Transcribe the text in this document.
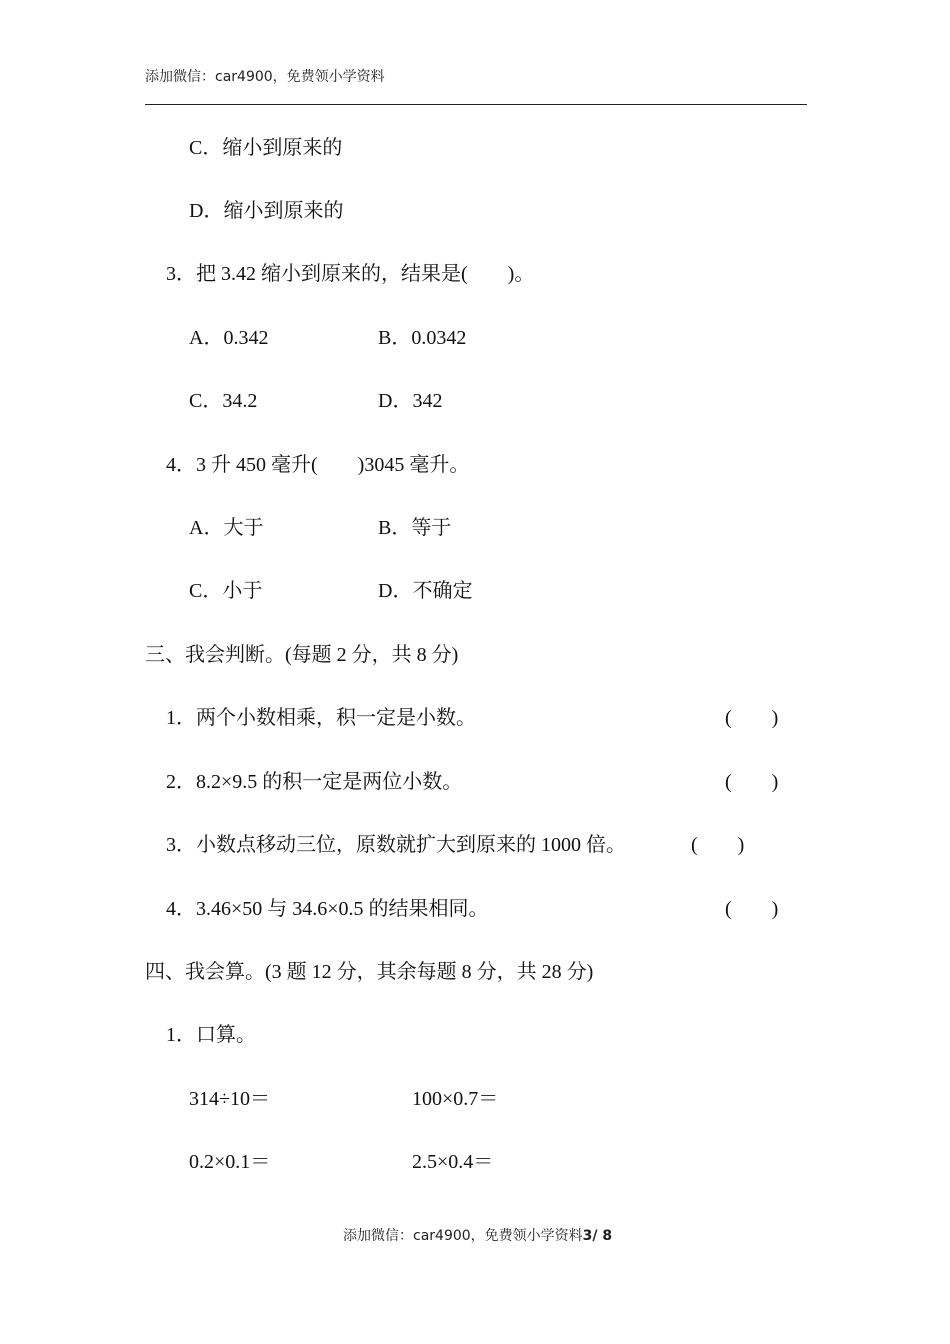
添加微信：car4900，免费领小学资料
C．缩小到原来的
D．缩小到原来的
3．把 3.42 缩小到原来的，结果是(　　)。
A．0.342	B．0.0342
C．34.2	D．342
4．3 升 450 毫升(　　)3045 毫升。
A．大于	B．等于
C．小于	D．不确定
三、我会判断。(每题 2 分，共 8 分)
1．两个小数相乘，积一定是小数。	(　　)
2．8.2×9.5 的积一定是两位小数。	(　　)
3．小数点移动三位，原数就扩大到原来的 1000 倍。	(　　)
4．3.46×50 与 34.6×0.5 的结果相同。	(　　)
四、我会算。(3 题 12 分，其余每题 8 分，共 28 分)
1．口算。
314÷10＝	100×0.7＝
0.2×0.1＝	2.5×0.4＝
添加微信：car4900，免费领小学资料3/ 8
